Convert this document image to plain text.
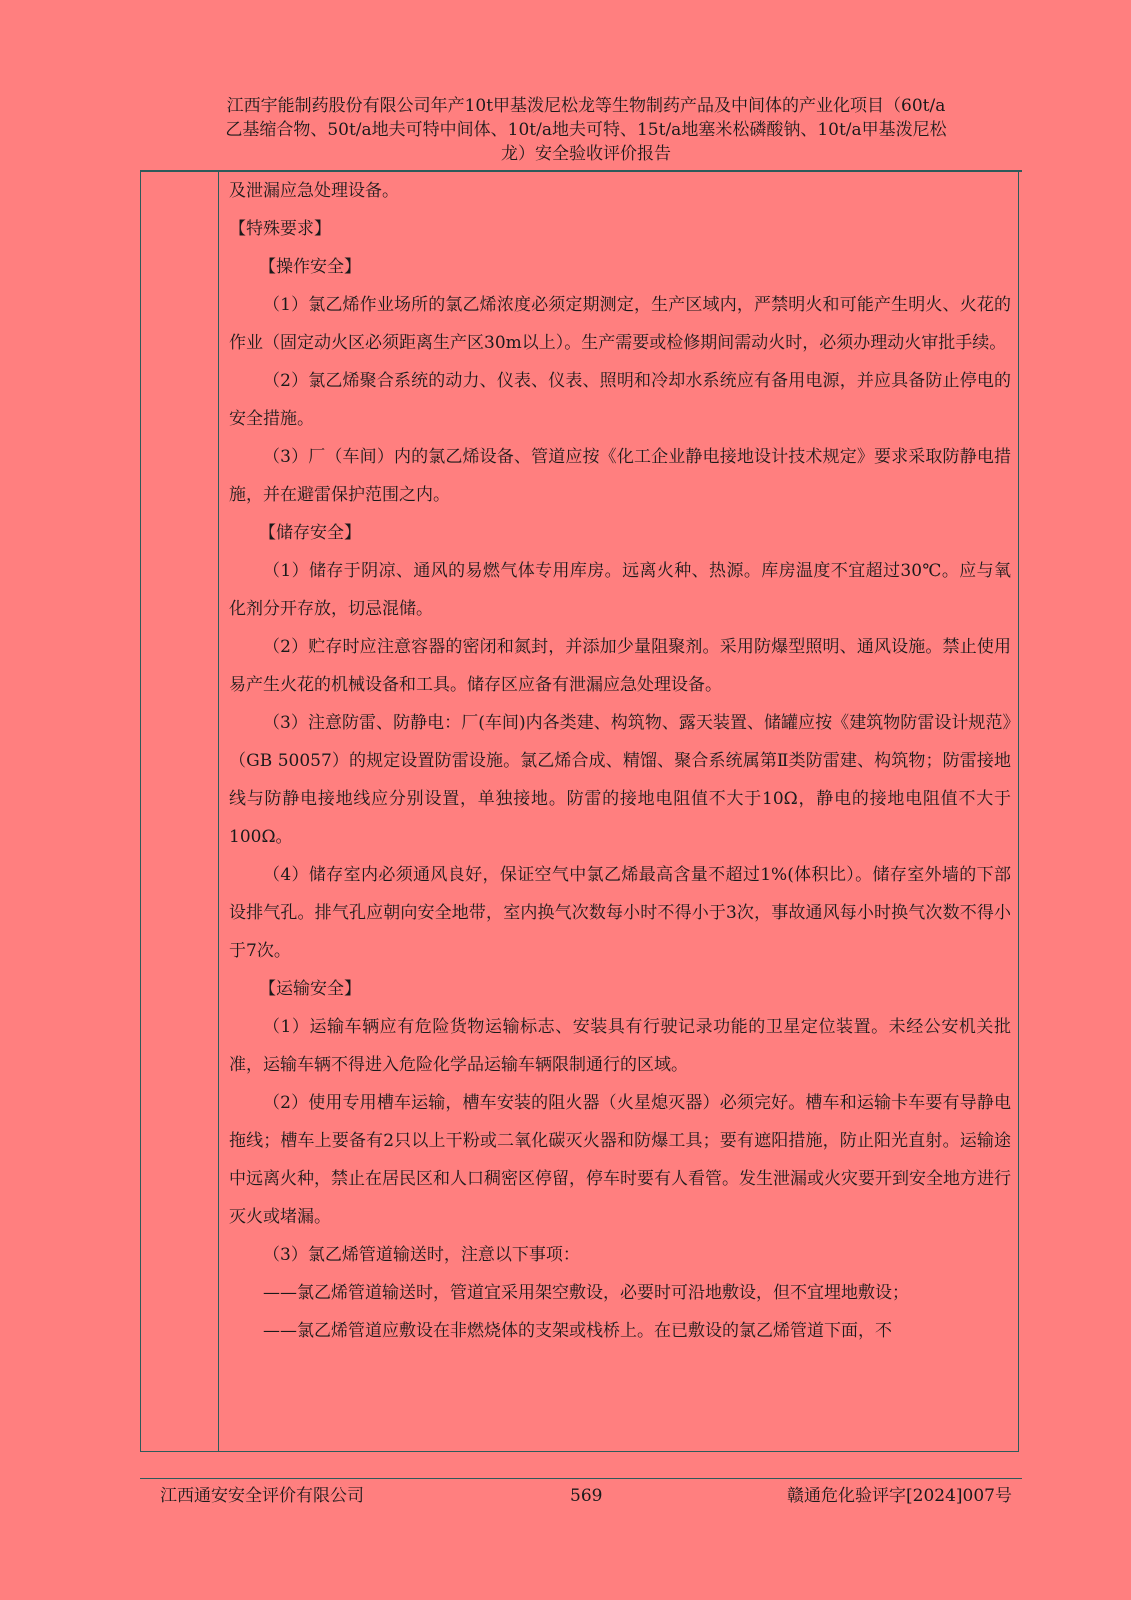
江西宇能制药股份有限公司年产10t甲基泼尼松龙等生物制药产品及中间体的产业化项目（60t/a
乙基缩合物、50t/a地夫可特中间体、10t/a地夫可特、15t/a地塞米松磷酸钠、10t/a甲基泼尼松
龙）安全验收评价报告

及泄漏应急处理设备。

【特殊要求】

【操作安全】

（1）氯乙烯作业场所的氯乙烯浓度必须定期测定，生产区域内，严禁明火和可能产生明火、火花的作业（固定动火区必须距离生产区30m以上）。生产需要或检修期间需动火时，必须办理动火审批手续。

（2）氯乙烯聚合系统的动力、仪表、仪表、照明和冷却水系统应有备用电源，并应具备防止停电的安全措施。

（3）厂（车间）内的氯乙烯设备、管道应按《化工企业静电接地设计技术规定》要求采取防静电措施，并在避雷保护范围之内。

【储存安全】

（1）储存于阴凉、通风的易燃气体专用库房。远离火种、热源。库房温度不宜超过30℃。应与氧化剂分开存放，切忌混储。

（2）贮存时应注意容器的密闭和氮封，并添加少量阻聚剂。采用防爆型照明、通风设施。禁止使用易产生火花的机械设备和工具。储存区应备有泄漏应急处理设备。

（3）注意防雷、防静电：厂(车间)内各类建、构筑物、露天装置、储罐应按《建筑物防雷设计规范》（GB 50057）的规定设置防雷设施。氯乙烯合成、精馏、聚合系统属第Ⅱ类防雷建、构筑物；防雷接地线与防静电接地线应分别设置，单独接地。防雷的接地电阻值不大于10Ω，静电的接地电阻值不大于100Ω。

（4）储存室内必须通风良好，保证空气中氯乙烯最高含量不超过1%(体积比）。储存室外墙的下部设排气孔。排气孔应朝向安全地带，室内换气次数每小时不得小于3次，事故通风每小时换气次数不得小于7次。

【运输安全】

（1）运输车辆应有危险货物运输标志、安装具有行驶记录功能的卫星定位装置。未经公安机关批准，运输车辆不得进入危险化学品运输车辆限制通行的区域。

（2）使用专用槽车运输，槽车安装的阻火器（火星熄灭器）必须完好。槽车和运输卡车要有导静电拖线；槽车上要备有2只以上干粉或二氧化碳灭火器和防爆工具；要有遮阳措施，防止阳光直射。运输途中远离火种，禁止在居民区和人口稠密区停留，停车时要有人看管。发生泄漏或火灾要开到安全地方进行灭火或堵漏。

（3）氯乙烯管道输送时，注意以下事项：

——氯乙烯管道输送时，管道宜采用架空敷设，必要时可沿地敷设，但不宜埋地敷设；

——氯乙烯管道应敷设在非燃烧体的支架或栈桥上。在已敷设的氯乙烯管道下面，不

江西通安安全评价有限公司	569	赣通危化验评字[2024]007号
